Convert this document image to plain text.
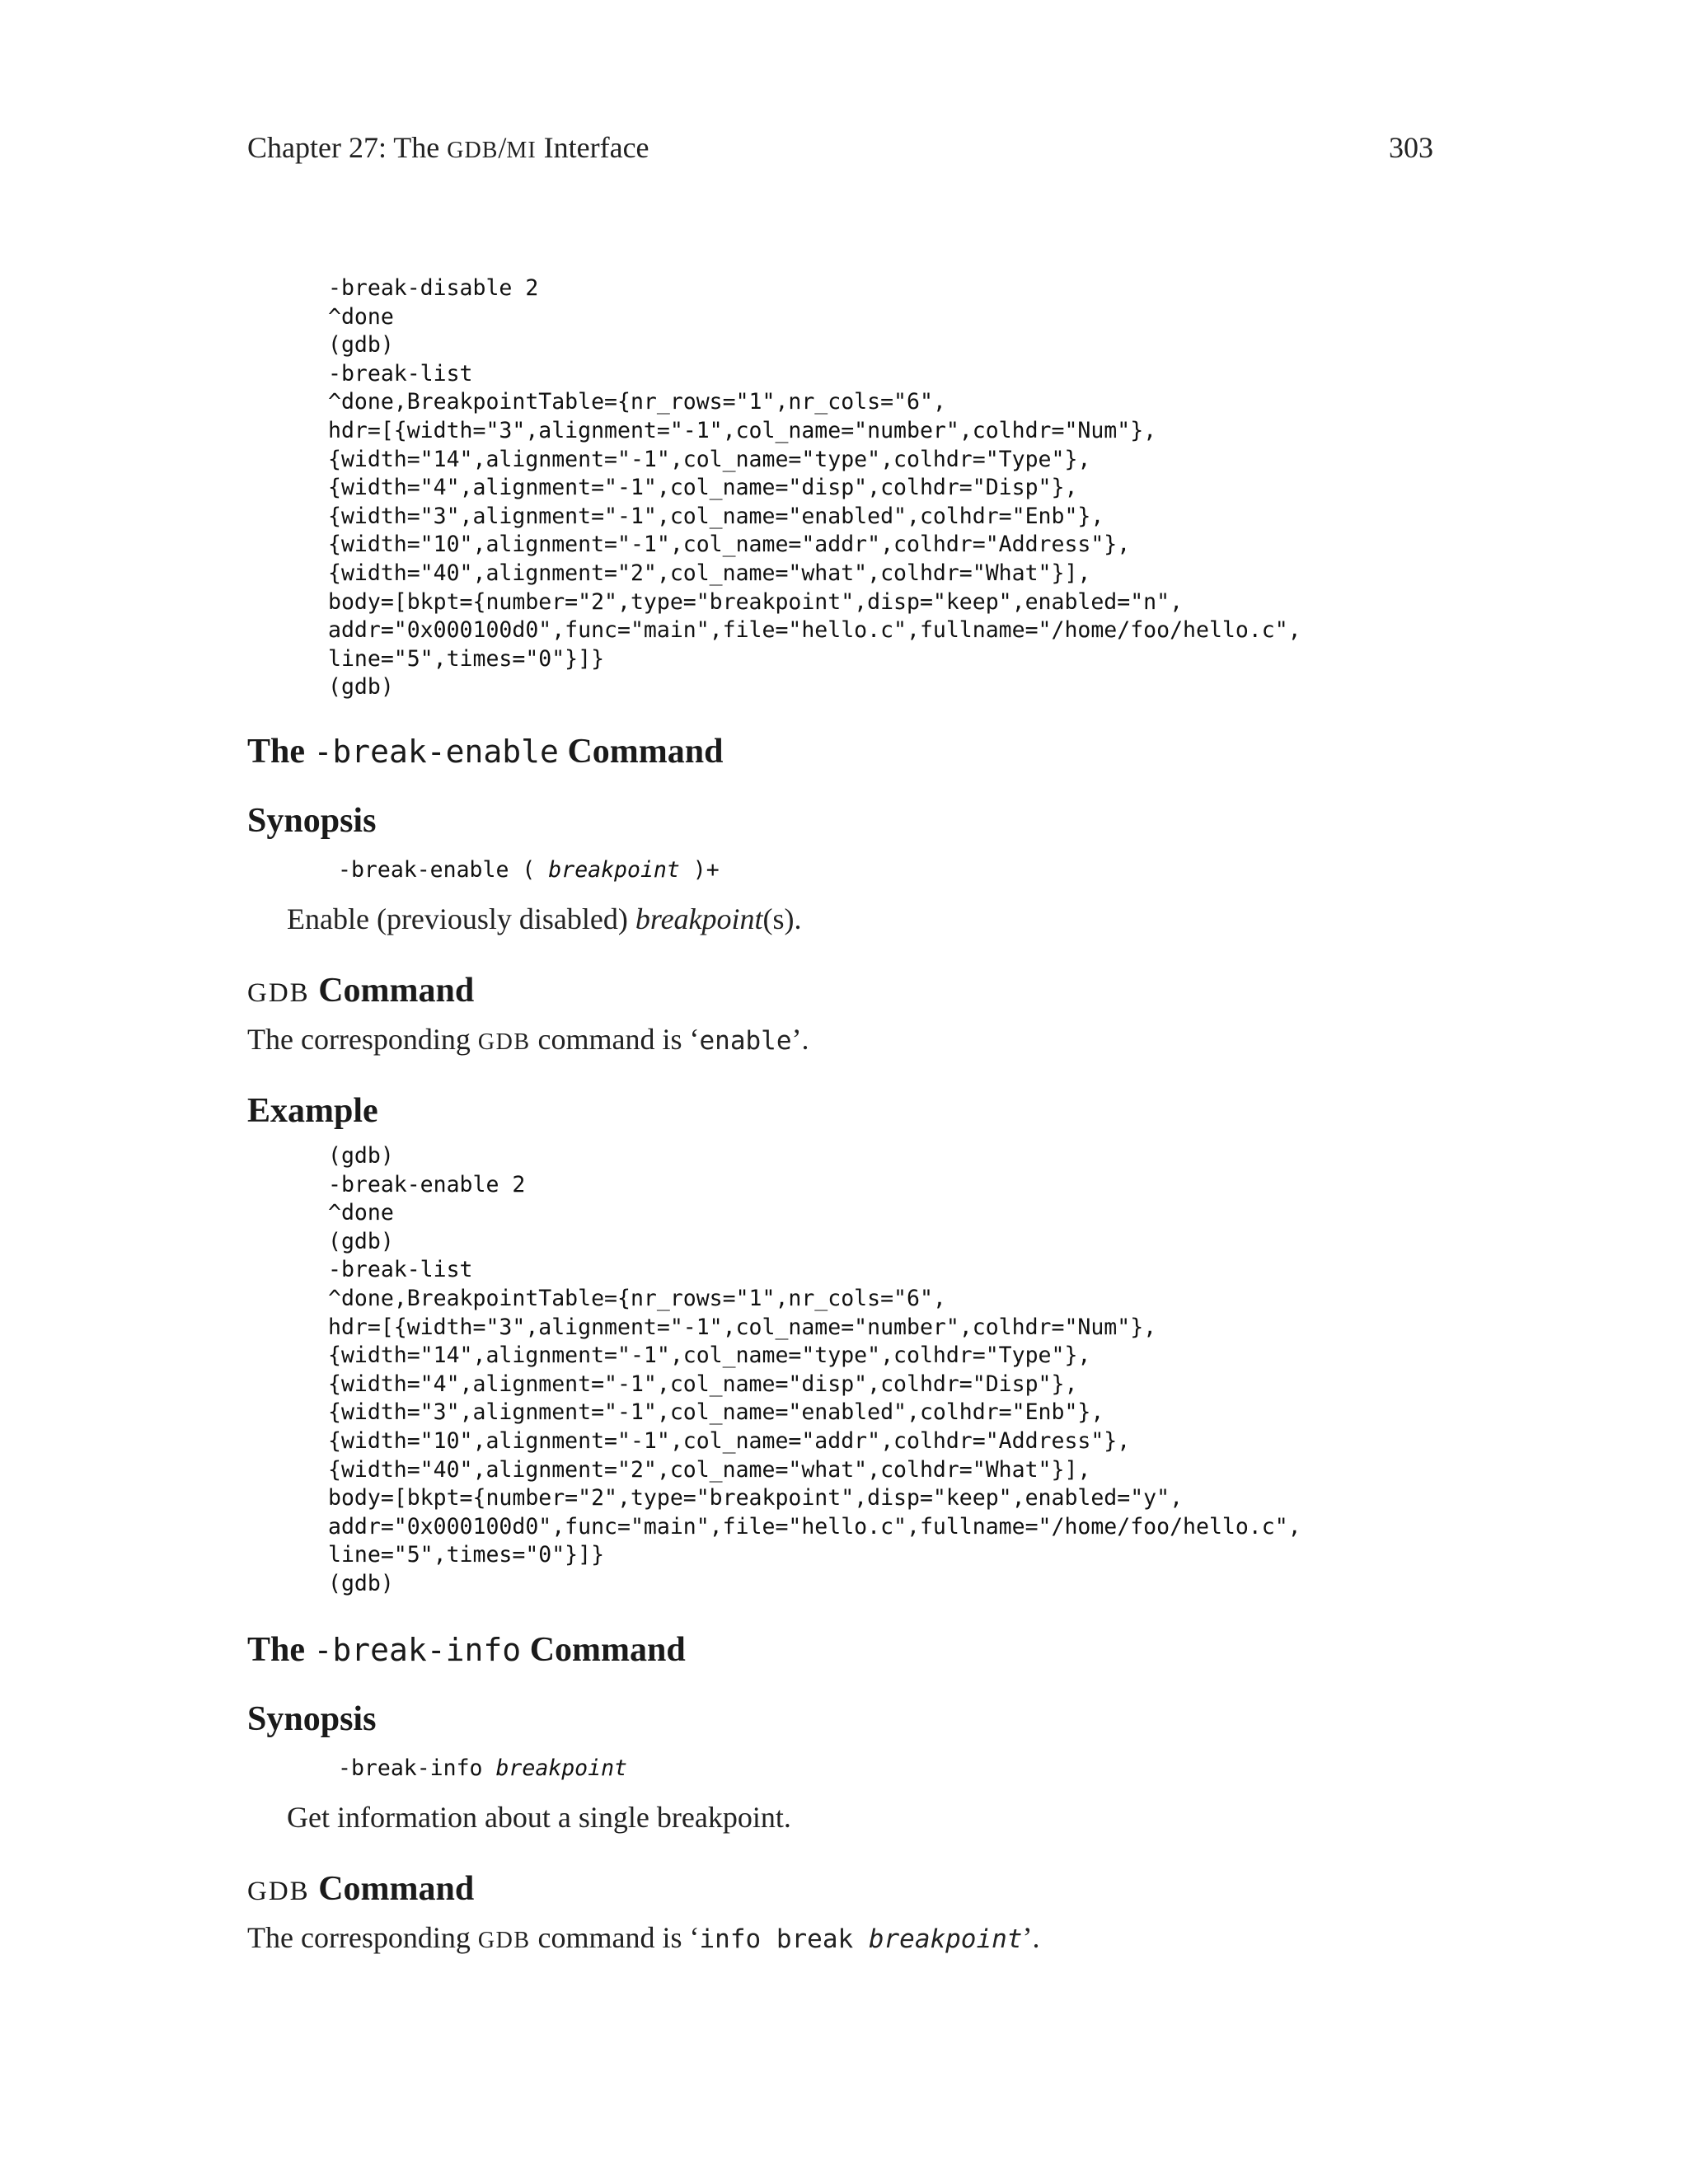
Chapter 27: The GDB/MI Interface	303
-break-disable 2
^done
(gdb)
-break-list
^done,BreakpointTable={nr_rows="1",nr_cols="6",
hdr=[{width="3",alignment="-1",col_name="number",colhdr="Num"},
{width="14",alignment="-1",col_name="type",colhdr="Type"},
{width="4",alignment="-1",col_name="disp",colhdr="Disp"},
{width="3",alignment="-1",col_name="enabled",colhdr="Enb"},
{width="10",alignment="-1",col_name="addr",colhdr="Address"},
{width="40",alignment="2",col_name="what",colhdr="What"}],
body=[bkpt={number="2",type="breakpoint",disp="keep",enabled="n",
addr="0x000100d0",func="main",file="hello.c",fullname="/home/foo/hello.c",
line="5",times="0"}]}
(gdb)
The -break-enable Command
Synopsis
-break-enable ( breakpoint )+

Enable (previously disabled) breakpoint(s).

GDB Command

The corresponding GDB command is ‘enable’.

Example
(gdb)
-break-enable 2
^done
(gdb)
-break-list
^done,BreakpointTable={nr_rows="1",nr_cols="6",
hdr=[{width="3",alignment="-1",col_name="number",colhdr="Num"},
{width="14",alignment="-1",col_name="type",colhdr="Type"},
{width="4",alignment="-1",col_name="disp",colhdr="Disp"},
{width="3",alignment="-1",col_name="enabled",colhdr="Enb"},
{width="10",alignment="-1",col_name="addr",colhdr="Address"},
{width="40",alignment="2",col_name="what",colhdr="What"}],
body=[bkpt={number="2",type="breakpoint",disp="keep",enabled="y",
addr="0x000100d0",func="main",file="hello.c",fullname="/home/foo/hello.c",
line="5",times="0"}]}
(gdb)
The -break-info Command
Synopsis
-break-info breakpoint

Get information about a single breakpoint.

GDB Command

The corresponding GDB command is ‘info break breakpoint’.
